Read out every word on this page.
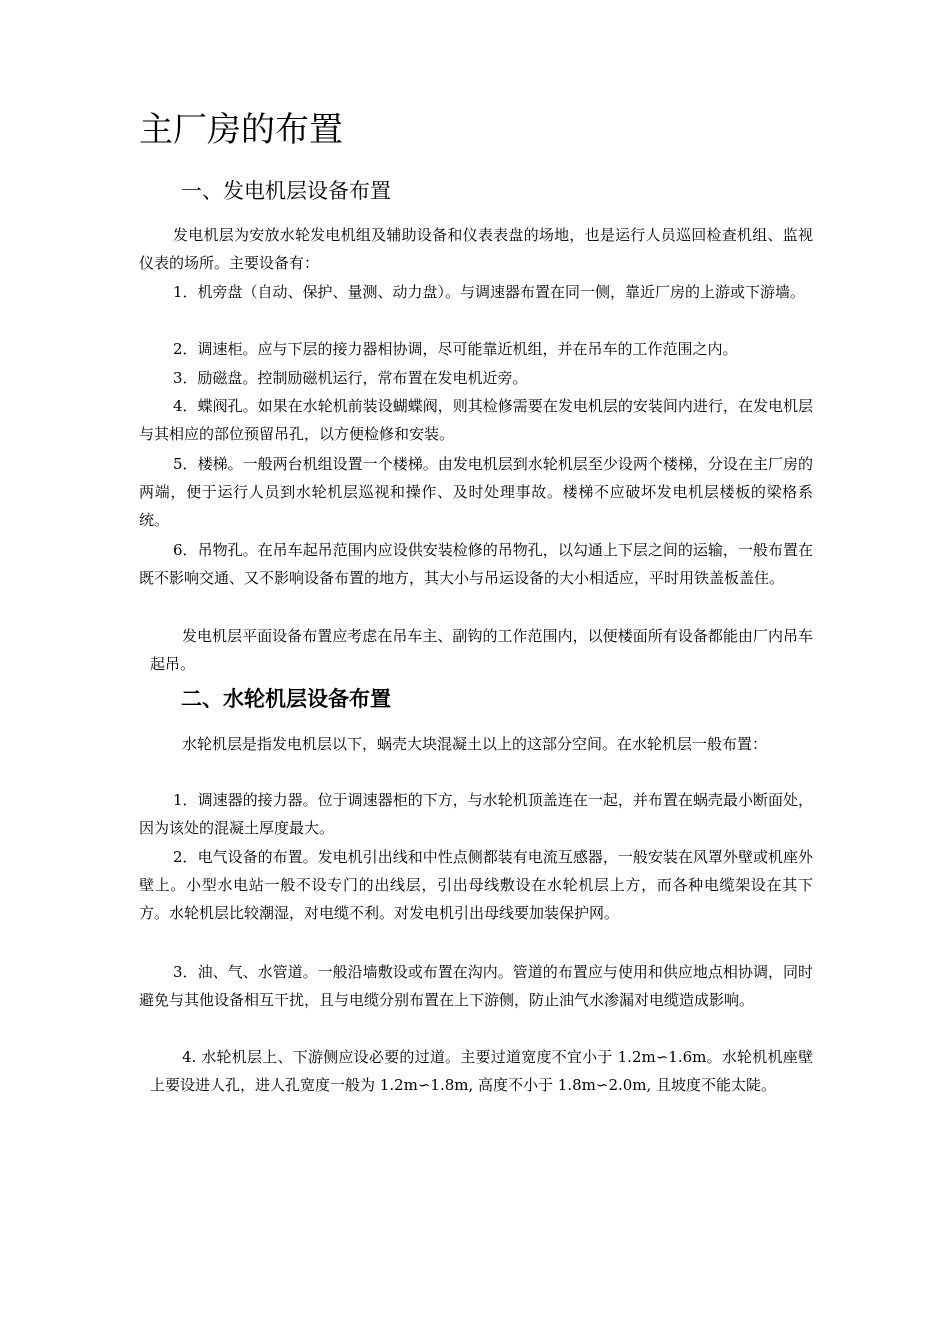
主厂房的布置
一、发电机层设备布置

发电机层为安放水轮发电机组及辅助设备和仪表表盘的场地，也是运行人员巡回检查机组、监视仪表的场所。主要设备有：

1．机旁盘（自动、保护、量测、动力盘）。与调速器布置在同一侧，靠近厂房的上游或下游墙。

2．调速柜。应与下层的接力器相协调，尽可能靠近机组，并在吊车的工作范围之内。

3．励磁盘。控制励磁机运行，常布置在发电机近旁。

4．蝶阀孔。如果在水轮机前装设蝴蝶阀，则其检修需要在发电机层的安装间内进行，在发电机层与其相应的部位预留吊孔，以方便检修和安装。

5．楼梯。一般两台机组设置一个楼梯。由发电机层到水轮机层至少设两个楼梯，分设在主厂房的两端，便于运行人员到水轮机层巡视和操作、及时处理事故。楼梯不应破坏发电机层楼板的梁格系统。

6．吊物孔。在吊车起吊范围内应设供安装检修的吊物孔，以勾通上下层之间的运输，一般布置在既不影响交通、又不影响设备布置的地方，其大小与吊运设备的大小相适应，平时用铁盖板盖住。

发电机层平面设备布置应考虑在吊车主、副钩的工作范围内，以便楼面所有设备都能由厂内吊车起吊。

二、水轮机层设备布置

水轮机层是指发电机层以下，蜗壳大块混凝土以上的这部分空间。在水轮机层一般布置：

1．调速器的接力器。位于调速器柜的下方，与水轮机顶盖连在一起，并布置在蜗壳最小断面处，因为该处的混凝土厚度最大。

2．电气设备的布置。发电机引出线和中性点侧都装有电流互感器，一般安装在风罩外壁或机座外壁上。小型水电站一般不设专门的出线层，引出母线敷设在水轮机层上方，而各种电缆架设在其下方。水轮机层比较潮湿，对电缆不利。对发电机引出母线要加装保护网。

3．油、气、水管道。一般沿墙敷设或布置在沟内。管道的布置应与使用和供应地点相协调，同时避免与其他设备相互干扰，且与电缆分别布置在上下游侧，防止油气水渗漏对电缆造成影响。

4. 水轮机层上、下游侧应设必要的过道。主要过道宽度不宜小于 1.2m∽1.6m。水轮机机座壁上要设进人孔，进人孔宽度一般为 1.2m∽1.8m, 高度不小于 1.8m∽2.0m, 且坡度不能太陡。
